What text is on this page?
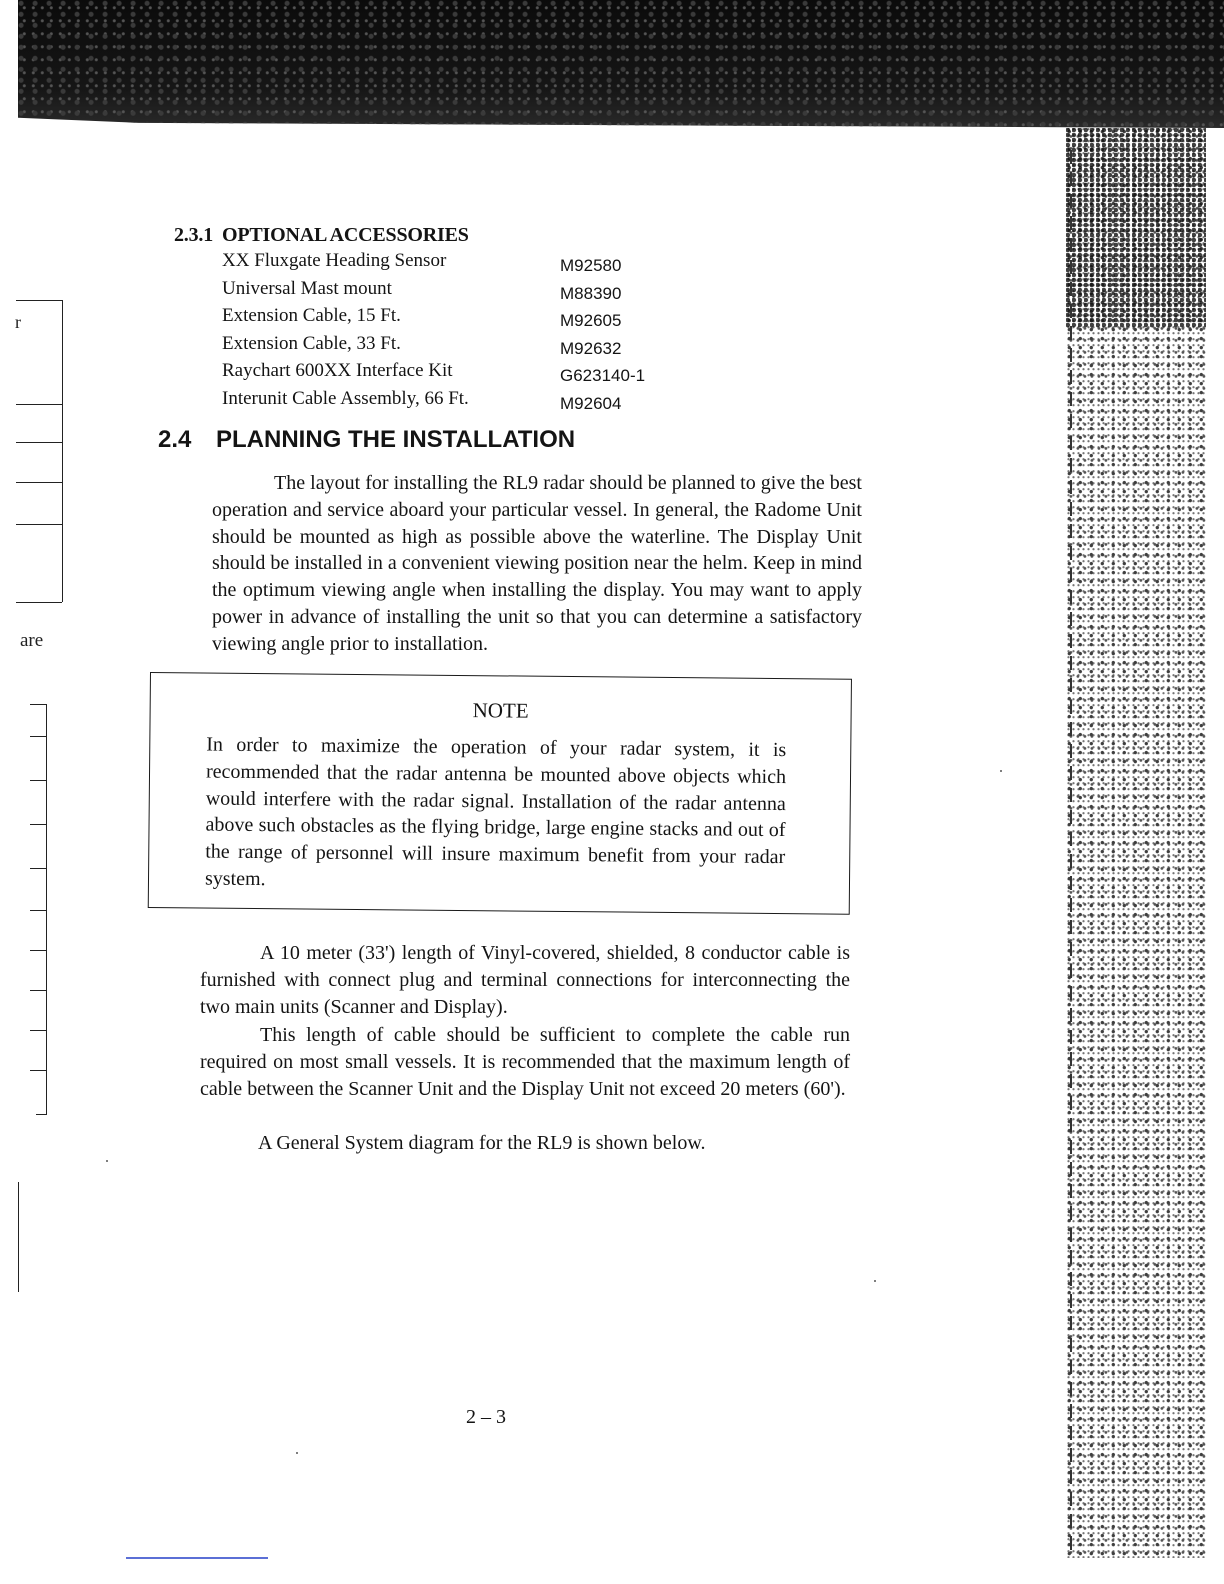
r
are
2.3.1 OPTIONAL ACCESSORIES
XX Fluxgate Heading Sensor	M92580
Universal Mast mount	M88390
Extension Cable, 15 Ft.	M92605
Extension Cable, 33 Ft.	M92632
Raychart 600XX Interface Kit	G623140-1
Interunit Cable Assembly, 66 Ft.	M92604
2.4 PLANNING THE INSTALLATION

The layout for installing the RL9 radar should be planned to give the best operation and service aboard your particular vessel. In general, the Radome Unit should be mounted as high as possible above the waterline. The Display Unit should be installed in a convenient viewing position near the helm. Keep in mind the optimum viewing angle when installing the display. You may want to apply power in advance of installing the unit so that you can determine a satisfactory viewing angle prior to installation.

NOTE

In order to maximize the operation of your radar system, it is recommended that the radar antenna be mounted above objects which would interfere with the radar signal. Installation of the radar antenna above such obstacles as the flying bridge, large engine stacks and out of the range of personnel will insure maximum benefit from your radar system.

A 10 meter (33') length of Vinyl-covered, shielded, 8 conductor cable is furnished with connect plug and terminal connections for interconnecting the two main units (Scanner and Display).

This length of cable should be sufficient to complete the cable run required on most small vessels. It is recommended that the maximum length of cable between the Scanner Unit and the Display Unit not exceed 20 meters (60').

A General System diagram for the RL9 is shown below.

2 – 3
